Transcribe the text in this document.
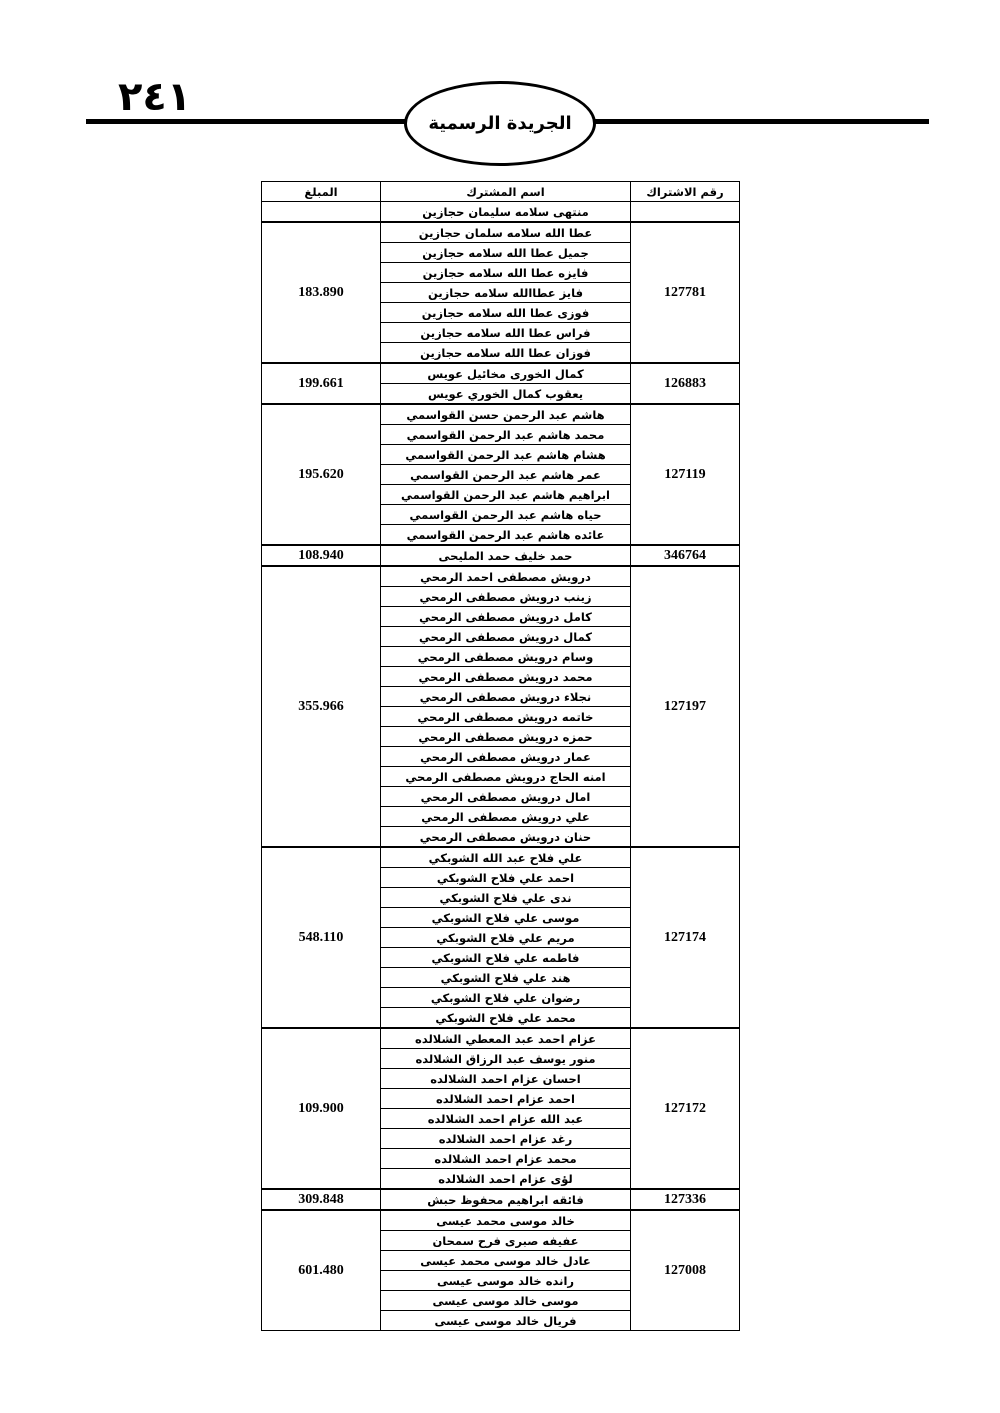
٢٤١
الجريدة الرسمية
رقم الاشتراك	اسم المشترك	المبلغ
	منتهى سلامه سليمان حجازين	
127781	عطا الله سلامه سلمان حجازين	183.890
	جميل عطا الله سلامه حجازين	
	فايزه عطا الله سلامه حجازين	
	فايز عطاالله سلامه حجازين	
	فوزى عطا الله سلامه حجازين	
	فراس عطا الله سلامه حجازين	
	فوزان عطا الله سلامه حجازين	
126883	كمال الخورى مخائيل عويس	199.661
	يعقوب كمال الخوري عويس	
127119	هاشم عبد الرحمن حسن القواسمي	195.620
	محمد هاشم عبد الرحمن القواسمي	
	هشام هاشم عبد الرحمن القواسمي	
	عمر هاشم عبد الرحمن القواسمي	
	ابراهيم هاشم عبد الرحمن القواسمي	
	حياه هاشم عبد الرحمن القواسمي	
	عائده هاشم عبد الرحمن القواسمي	
346764	حمد خليف حمد المليحى	108.940
127197	درويش مصطفى احمد الرمحي	355.966
	زينب درويش مصطفى الرمحي	
	كامل درويش مصطفى الرمحي	
	كمال درويش مصطفى الرمحي	
	وسام درويش مصطفى الرمحي	
	محمد درويش مصطفى الرمحي	
	نجلاء درويش مصطفى الرمحي	
	خاتمه درويش مصطفى الرمحي	
	حمزه درويش مصطفى الرمحي	
	عمار درويش مصطفى الرمحي	
	امنه الحاج درويش مصطفى الرمحي	
	امال درويش مصطفى الرمحي	
	علي درويش مصطفى الرمحي	
	حنان درويش مصطفى الرمحي	
127174	علي فلاح عبد الله الشوبكي	548.110
	احمد علي فلاح الشوبكي	
	ندى علي فلاح الشوبكي	
	موسى علي فلاح الشوبكي	
	مريم علي فلاح الشوبكي	
	فاطمه علي فلاح الشوبكي	
	هند علي فلاح الشوبكي	
	رضوان علي فلاح الشوبكي	
	محمد علي فلاح الشوبكي	
127172	عزام احمد عبد المعطي الشلالده	109.900
	منور يوسف عبد الرزاق الشلالده	
	احسان عزام احمد الشلالده	
	احمد عزام احمد الشلالده	
	عبد الله عزام احمد الشلالده	
	رغد عزام احمد الشلالده	
	محمد عزام احمد الشلالده	
	لؤى عزام احمد الشلالده	
127336	فائقه ابراهيم محفوظ حبش	309.848
127008	خالد موسى محمد عيسى	601.480
	عفيفه صبرى فرح سمحان	
	عادل خالد موسى محمد عيسى	
	رانده خالد موسى عيسى	
	موسى خالد موسى عيسى	
	فريال خالد موسى عيسى	
